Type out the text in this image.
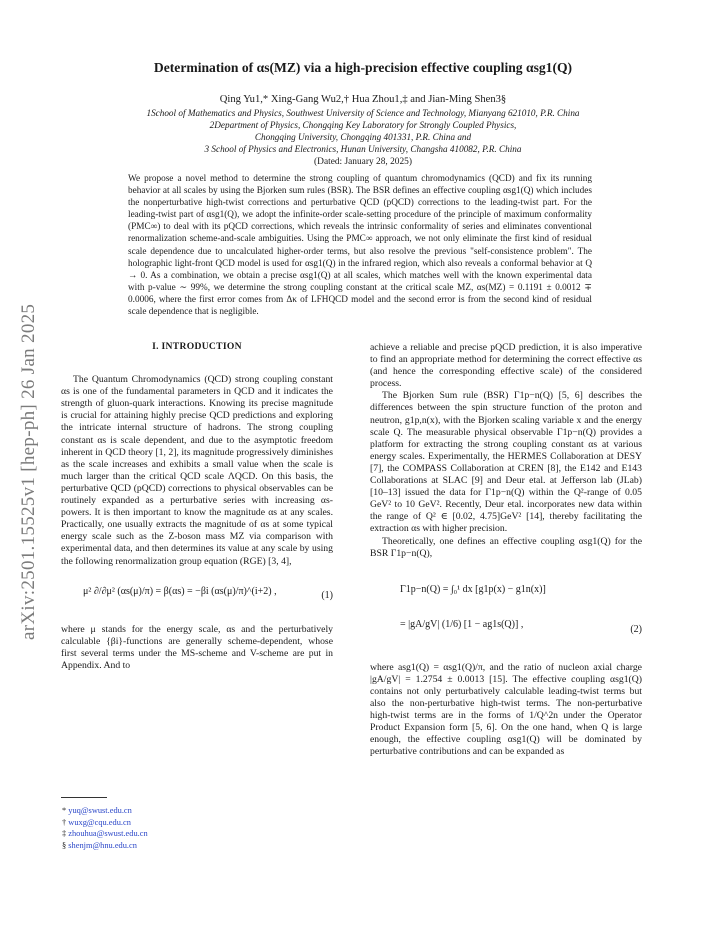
arXiv:2501.15525v1 [hep-ph] 26 Jan 2025
Determination of αs(MZ) via a high-precision effective coupling αsg1(Q)
Qing Yu1,* Xing-Gang Wu2,† Hua Zhou1,‡ and Jian-Ming Shen3§
1School of Mathematics and Physics, Southwest University of Science and Technology, Mianyang 621010, P.R. China
2Department of Physics, Chongqing Key Laboratory for Strongly Coupled Physics,
Chongqing University, Chongqing 401331, P.R. China and
3 School of Physics and Electronics, Hunan University, Changsha 410082, P.R. China
(Dated: January 28, 2025)
We propose a novel method to determine the strong coupling of quantum chromodynamics (QCD) and fix its running behavior at all scales by using the Bjorken sum rules (BSR). The BSR defines an effective coupling αsg1(Q) which includes the nonperturbative high-twist corrections and perturbative QCD (pQCD) corrections to the leading-twist part. For the leading-twist part of αsg1(Q), we adopt the infinite-order scale-setting procedure of the principle of maximum conformality (PMC∞) to deal with its pQCD corrections, which reveals the intrinsic conformality of series and eliminates conventional renormalization scheme-and-scale ambiguities. Using the PMC∞ approach, we not only eliminate the first kind of residual scale dependence due to uncalculated higher-order terms, but also resolve the previous "self-consistence problem". The holographic light-front QCD model is used for αsg1(Q) in the infrared region, which also reveals a conformal behavior at Q → 0. As a combination, we obtain a precise αsg1(Q) at all scales, which matches well with the known experimental data with p-value ∼ 99%, we determine the strong coupling constant at the critical scale MZ, αs(MZ) = 0.1191 ± 0.0012 ∓ 0.0006, where the first error comes from Δκ of LFHQCD model and the second error is from the second kind of residual scale dependence that is negligible.
I. INTRODUCTION

The Quantum Chromodynamics (QCD) strong coupling constant αs is one of the fundamental parameters in QCD and it indicates the strength of gluon-quark interactions. Knowing its precise magnitude is crucial for attaining highly precise QCD predictions and exploring the intricate internal structure of hadrons. The strong coupling constant αs is scale dependent, and due to the asymptotic freedom inherent in QCD theory [1, 2], its magnitude progressively diminishes as the scale increases and exhibits a small value when the scale is much larger than the critical QCD scale ΛQCD. On this basis, the perturbative QCD (pQCD) corrections to physical observables can be routinely expanded as a perturbative series with increasing αs-powers. It is then important to know the magnitude αs at any scales. Practically, one usually extracts the magnitude of αs at some typical energy scale such as the Z-boson mass MZ via comparison with experimental data, and then determines its value at any scale by using the following renormalization group equation (RGE) [3, 4],

μ² ∂/∂μ² (αs(μ)/π) = β(αs) = −βi (αs(μ)/π)^(i+2) ,	(1)

where μ stands for the energy scale, αs and the perturbatively calculable {βi}-functions are generally scheme-dependent, whose first several terms under the MS-scheme and V-scheme are put in Appendix. And to

achieve a reliable and precise pQCD prediction, it is also imperative to find an appropriate method for determining the correct effective αs (and hence the corresponding effective scale) of the considered process.

The Bjorken Sum rule (BSR) Γ1p−n(Q) [5, 6] describes the differences between the spin structure function of the proton and neutron, g1p,n(x), with the Bjorken scaling variable x and the energy scale Q. The measurable physical observable Γ1p−n(Q) provides a platform for extracting the strong coupling constant αs at various energy scales. Experimentally, the HERMES Collaboration at DESY [7], the COMPASS Collaboration at CREN [8], the E142 and E143 Collaborations at SLAC [9] and Deur etal. at Jefferson lab (JLab) [10–13] issued the data for Γ1p−n(Q) within the Q²-range of 0.05 GeV² to 10 GeV². Recently, Deur etal. incorporates new data within the range of Q² ∈ [0.02, 4.75]GeV² [14], thereby facilitating the extraction αs with higher precision.

Theoretically, one defines an effective coupling αsg1(Q) for the BSR Γ1p−n(Q),

Γ1p−n(Q) = ∫₀¹ dx [g1p(x) − g1n(x)]
= |gA/gV| (1/6) [1 − ag1s(Q)] ,	(2)

where asg1(Q) = αsg1(Q)/π, and the ratio of nucleon axial charge |gA/gV| = 1.2754 ± 0.0013 [15]. The effective coupling αsg1(Q) contains not only perturbatively calculable leading-twist terms but also the non-perturbative high-twist terms. The non-perturbative high-twist terms are in the forms of 1/Q^2n under the Operator Product Expansion form [5, 6]. On the one hand, when Q is large enough, the effective coupling αsg1(Q) will be dominated by perturbative contributions and can be expanded as

* yuq@swust.edu.cn
† wuxg@cqu.edu.cn
‡ zhouhua@swust.edu.cn
§ shenjm@hnu.edu.cn
